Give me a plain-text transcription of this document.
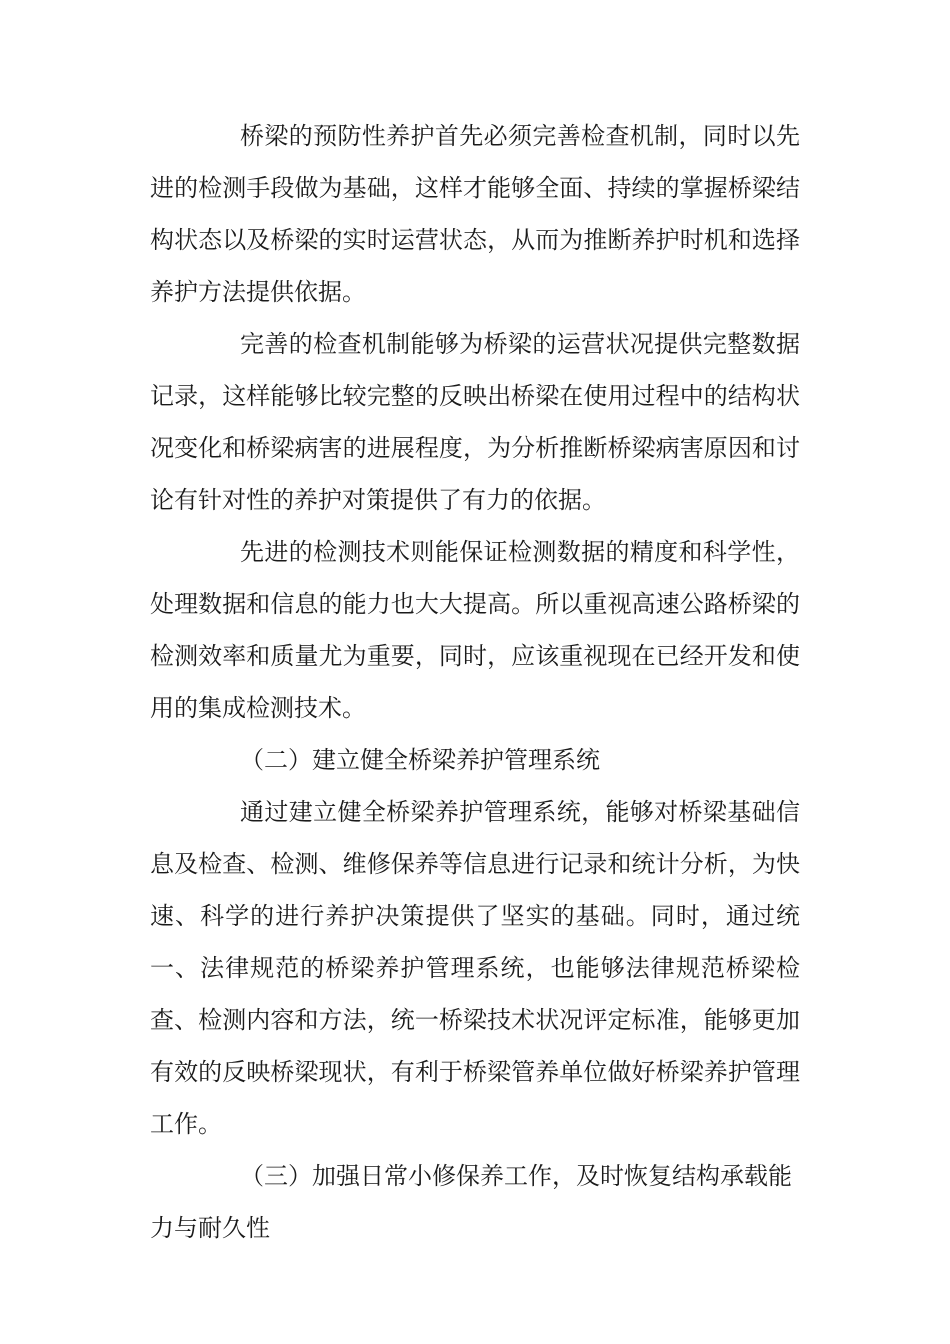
桥梁的预防性养护首先必须完善检查机制，同时以先进的检测手段做为基础，这样才能够全面、持续的掌握桥梁结构状态以及桥梁的实时运营状态，从而为推断养护时机和选择养护方法提供依据。

完善的检查机制能够为桥梁的运营状况提供完整数据记录，这样能够比较完整的反映出桥梁在使用过程中的结构状况变化和桥梁病害的进展程度，为分析推断桥梁病害原因和讨论有针对性的养护对策提供了有力的依据。

先进的检测技术则能保证检测数据的精度和科学性，处理数据和信息的能力也大大提高。所以重视高速公路桥梁的检测效率和质量尤为重要，同时，应该重视现在已经开发和使用的集成检测技术。

（二）建立健全桥梁养护管理系统

通过建立健全桥梁养护管理系统，能够对桥梁基础信息及检查、检测、维修保养等信息进行记录和统计分析，为快速、科学的进行养护决策提供了坚实的基础。同时，通过统一、法律规范的桥梁养护管理系统，也能够法律规范桥梁检查、检测内容和方法，统一桥梁技术状况评定标准，能够更加有效的反映桥梁现状，有利于桥梁管养单位做好桥梁养护管理工作。

（三）加强日常小修保养工作，及时恢复结构承载能力与耐久性
